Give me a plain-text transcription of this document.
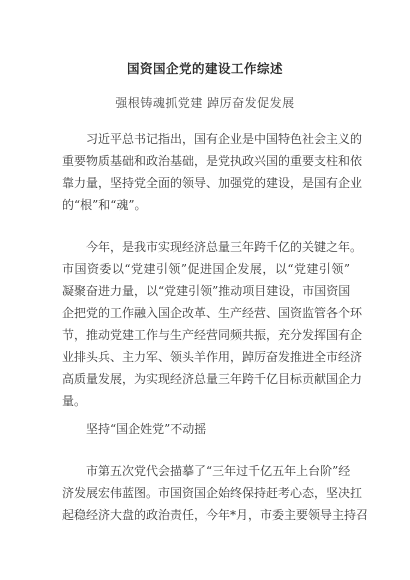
国资国企党的建设工作综述
强根铸魂抓党建 踔厉奋发促发展
　　习近平总书记指出，国有企业是中国特色社会主义的
重要物质基础和政治基础，是党执政兴国的重要支柱和依
靠力量，坚持党全面的领导、加强党的建设，是国有企业
的“根”和“魂”。
　　今年，是我市实现经济总量三年跨千亿的关键之年。
市国资委以“党建引领”促进国企发展，以“党建引领”
凝聚奋进力量，以“党建引领”推动项目建设，市国资国
企把党的工作融入国企改革、生产经营、国资监管各个环
节，推动党建工作与生产经营同频共振，充分发挥国有企
业排头兵、主力军、领头羊作用，踔厉奋发推进全市经济
高质量发展，为实现经济总量三年跨千亿目标贡献国企力
量。
坚持“国企姓党”不动摇
　　市第五次党代会描摹了“三年过千亿五年上台阶”经
济发展宏伟蓝图。市国资国企始终保持赶考心态，坚决扛
起稳经济大盘的政治责任，今年*月，市委主要领导主持召
